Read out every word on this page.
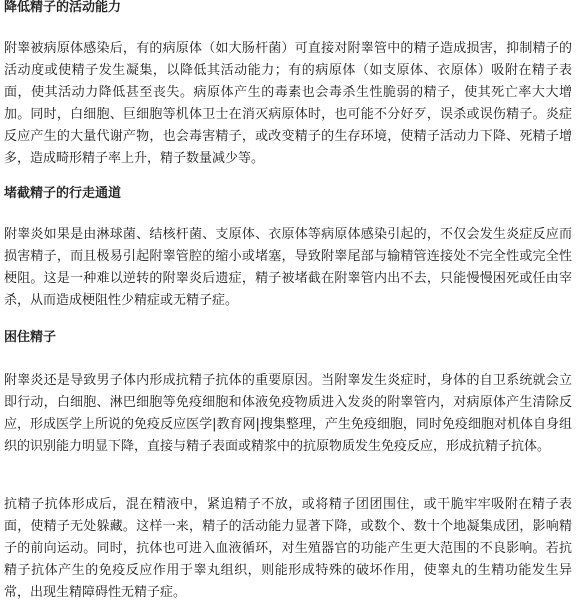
降低精子的活动能力

附睾被病原体感染后，有的病原体（如大肠杆菌）可直接对附睾管中的精子造成损害，抑制精子的活动度或使精子发生凝集，以降低其活动能力；有的病原体（如支原体、衣原体）吸附在精子表面，使其活动力降低甚至丧失。病原体产生的毒素也会毒杀生性脆弱的精子，使其死亡率大大增加。同时，白细胞、巨细胞等机体卫士在消灭病原体时，也可能不分好歹，误杀或误伤精子。炎症反应产生的大量代谢产物，也会毒害精子，或改变精子的生存环境，使精子活动力下降、死精子增多，造成畸形精子率上升，精子数量减少等。

堵截精子的行走通道

附睾炎如果是由淋球菌、结核杆菌、支原体、衣原体等病原体感染引起的，不仅会发生炎症反应而损害精子，而且极易引起附睾管腔的缩小或堵塞，导致附睾尾部与输精管连接处不完全性或完全性梗阻。这是一种难以逆转的附睾炎后遗症，精子被堵截在附睾管内出不去，只能慢慢困死或任由宰杀，从而造成梗阻性少精症或无精子症。

困住精子

附睾炎还是导致男子体内形成抗精子抗体的重要原因。当附睾发生炎症时，身体的自卫系统就会立即行动，白细胞、淋巴细胞等免疫细胞和体液免疫物质进入发炎的附睾管内，对病原体产生清除反应，形成医学上所说的免疫反应医学|教育网|搜集整理，产生免疫细胞，同时免疫细胞对机体自身组织的识别能力明显下降，直接与精子表面或精浆中的抗原物质发生免疫反应，形成抗精子抗体。

抗精子抗体形成后，混在精液中，紧追精子不放，或将精子团团围住，或干脆牢牢吸附在精子表面，使精子无处躲藏。这样一来，精子的活动能力显著下降，或数个、数十个地凝集成团，影响精子的前向运动。同时，抗体也可进入血液循环，对生殖器官的功能产生更大范围的不良影响。若抗精子抗体产生的免疫反应作用于睾丸组织，则能形成特殊的破坏作用，使睾丸的生精功能发生异常，出现生精障碍性无精子症。
